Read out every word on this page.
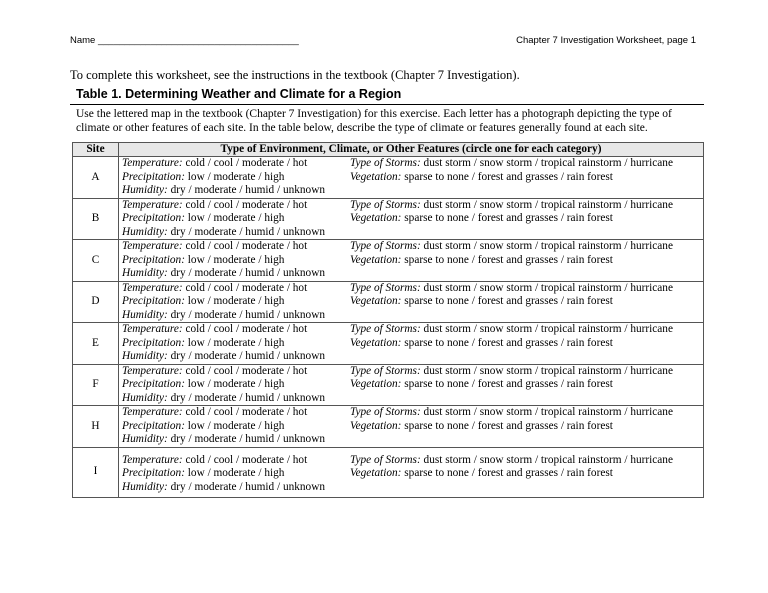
Name ______________________________________	Chapter 7 Investigation Worksheet, page 1
To complete this worksheet, see the instructions in the textbook (Chapter 7 Investigation).
Table 1. Determining Weather and Climate for a Region
Use the lettered map in the textbook (Chapter 7 Investigation) for this exercise. Each letter has a photograph depicting the type of climate or other features of each site. In the table below, describe the type of climate or features generally found at each site.
Site	Type of Environment, Climate, or Other Features (circle one for each category)
A	Temperature: cold / cool / moderate / hot
Precipitation: low / moderate / high
Humidity: dry / moderate / humid / unknown
Type of Storms: dust storm / snow storm / tropical rainstorm / hurricane
Vegetation: sparse to none / forest and grasses / rain forest

B	Temperature: cold / cool / moderate / hot
Precipitation: low / moderate / high
Humidity: dry / moderate / humid / unknown
Type of Storms: dust storm / snow storm / tropical rainstorm / hurricane
Vegetation: sparse to none / forest and grasses / rain forest

C	Temperature: cold / cool / moderate / hot
Precipitation: low / moderate / high
Humidity: dry / moderate / humid / unknown
Type of Storms: dust storm / snow storm / tropical rainstorm / hurricane
Vegetation: sparse to none / forest and grasses / rain forest

D	Temperature: cold / cool / moderate / hot
Precipitation: low / moderate / high
Humidity: dry / moderate / humid / unknown
Type of Storms: dust storm / snow storm / tropical rainstorm / hurricane
Vegetation: sparse to none / forest and grasses / rain forest

E	Temperature: cold / cool / moderate / hot
Precipitation: low / moderate / high
Humidity: dry / moderate / humid / unknown
Type of Storms: dust storm / snow storm / tropical rainstorm / hurricane
Vegetation: sparse to none / forest and grasses / rain forest

F	Temperature: cold / cool / moderate / hot
Precipitation: low / moderate / high
Humidity: dry / moderate / humid / unknown
Type of Storms: dust storm / snow storm / tropical rainstorm / hurricane
Vegetation: sparse to none / forest and grasses / rain forest

H	Temperature: cold / cool / moderate / hot
Precipitation: low / moderate / high
Humidity: dry / moderate / humid / unknown
Type of Storms: dust storm / snow storm / tropical rainstorm / hurricane
Vegetation: sparse to none / forest and grasses / rain forest

I	Temperature: cold / cool / moderate / hot
Precipitation: low / moderate / high
Humidity: dry / moderate / humid / unknown
Type of Storms: dust storm / snow storm / tropical rainstorm / hurricane
Vegetation: sparse to none / forest and grasses / rain forest
